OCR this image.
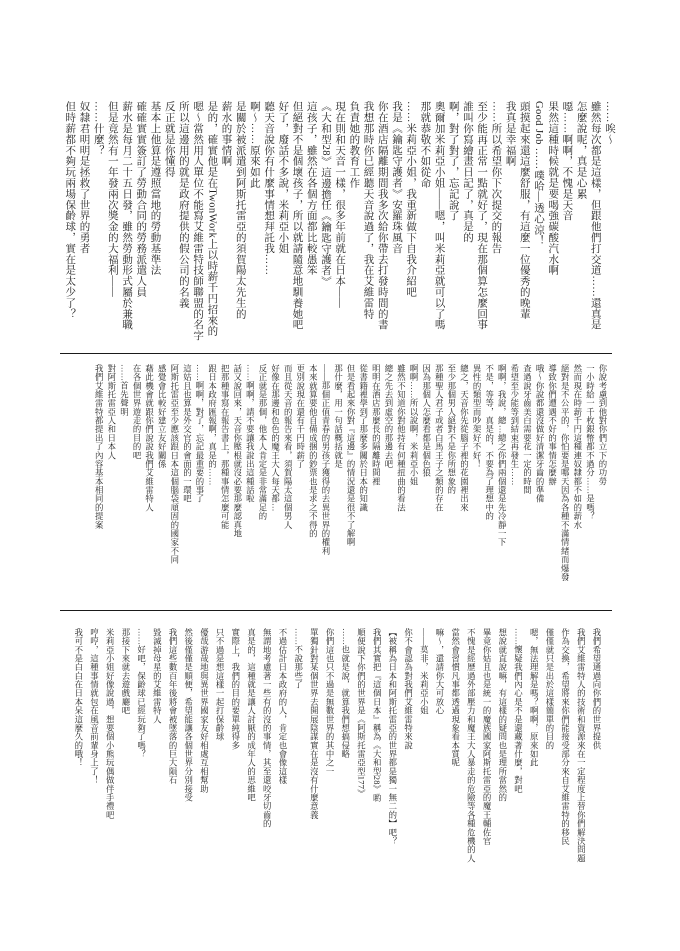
……唉～
雖然每次都是這樣，但跟他們打交道……還真是
怎麼說呢，真是心累
噁……啊啊，不愧是天音
果然這種時候就是要喝強碳酸汽水啊
Good Job ……噗哈—透心涼！
頭摸起來還這麼舒服，有這麼一位優秀的晚輩
我真是幸福啊
……所以希望你下次提交的報告
至少能再正常一點就好了，現在那個算怎麼回事
誰叫你寫繪畫日記了，真是的
啊，對了對了，忘記說了
奧爾加米莉亞小姐——嗯，叫米莉亞就可以了嗎
那就恭敬不如從命
……米莉亞小姐，我重新做下自我介紹吧
我是《鑰匙守護者》安羅珠風音
你在酒店隔離期間我多次給你帶去打發時間的書
我想那時你已經聽天音說過了，我在艾維雷特
負責她的教育工作
現在則和天音一樣，很多年前就在日本——
《大和型28》這邊擔任《鑰匙守護者》
這孩子，雖然在各個方面都比較愚笨
但絕對不是個壞孩子，所以就請隨意地馴養她吧
好了，廢話不多說，米莉亞小姐
聽天音說你有什麼事情想拜託我……
啊～……原來如此
是關於被派遣到阿斯托雷亞的須賀陽太先生的
薪水的事情啊
是的，確實他是在TwonWork上以時薪千円招來的
嗯～當然用人單位不能寫艾維雷特技師聯盟的名字
所以這邊用的就是政府提供的假公司的名義
反正就是你懂得
基本上他算是遵照當地的勞動基準法
確確實實簽訂了勞動合同的勞務派遣人員
薪水是每月二十五日發，雖然勞動形式屬於兼職
但是竟然有一年發兩次獎金的大福利——
……什麼？
奴隸君明明是拯救了世界的勇者
但時薪都不夠玩兩場保齡球，實在是太少了？
你說考慮到他對你們立下的功勞
一小時給一千枚銀幣都不過分……是嗎？
然而現在時薪千円這種連奴隸都不如的薪水
絕對是不公平的，你怕要是哪天因為各種不滿情緒而爆發
導致你們遭遇不好的事情怎麼辦
哦～你說都還沒做好清潔牙齒的準備
查過說牙齒美白需要花一定的時間
希望至少能等到結束再發生……
啊啊，我說，總…總之你們兩個還是先冷靜一下
不是，等等，真是的，不要為了理想中的
異性的類型而吵架好不好！
總之，天音你先從腦子裡的花園裡出來
至少那個男人絕對不是你所想象的
那種聖人君子或者白馬王子之類的存在
因為那個人怎麼看都是個色狼
啊啊……所以說啊，米莉亞小姐
雖然不知道你對他持有何種扭曲的看法
總之先去到虛空的那邊去吧
明明在酒店那麼長的隔離時間裡
從書籍裡學到了那麼多關於日本的知識
但是看起來你對『這邊』的情況還是很不了解啊
那什麼，用一句話概括就是
——那個正值青春的男孩子獲得的去異世界的權利
本來就算要他自備成捆的鈔票也是求之不得的
更別說現在還有千円時薪了
而且從天音的報告來看，須賀陽太這個男人
好像在那邊和色色的魔王大人每天都…
反正就是那個，他本人肯定是非常滿足的
……啊啊，請不要讓我說出這種話啦
話又說回來，天音你壓根就沒必要那麼認真地
把那種事寫在報告書上，那種事情怎麼可能
跟日本政府匯報啊，真是的……
……啊啊，對了，忘記最重要的事了
這姑且也算是外交官的會面的一環吧
阿斯托雷亞至少應該跟日本這個腦袋頑固的國家不同
感覺會比較好建立友好關係
藉此機會就跟你們說說我們艾維雷特人
在各個世界遊走的目的吧
……首先聲明
對阿斯托雷亞人和日本人
我們艾維雷特都提出了內容基本相同的提案
我們希望通過向你們的世界提供
我們艾維雷特人的技術和資源來在一定程度上替你們解決問題
作為交換，希望將來你們能接受部分來自艾維雷特的移民
僅僅就只是出於這樣簡單的目的
嗯，無法理解是嗎？啊啊，原來如此
……懷疑我們內心是不是還藏著什麼，對吧
想說就直說嘛，有這樣的疑問也是理所當然的
畢竟你姑且也是統一的魔族國家阿斯托雷亞的魔王輔佐官
不愧是經歷過外部壓力和魔王大人暴走的危險等各種危機的人
當然會習慣凡事都透過現象看本質呢
嘛～，還請你大可放心
——莫非，米莉亞小姐
你不會認為對我們艾維雷特來說
【被稱為日本和阿斯托雷亞的世界都是獨一無二的】吧？
我們其實把『這個日本』稱為《大和型28》喲
順便說下你們的世界是《阿斯托雷亞型177》
……也就是說，就算我們想搞侵略
你們這也只不過是無數世界的其中之一
單獨針對某個世界去開展陰謀實在是沒有什麼意義
……不說那些了
不過估計日本政府的人，肯定也會像這樣
無謂地考慮著一些有的沒的事情，其至還咬牙切齒的
真是的，這種就是讓人討厭的成年人的思維吧
實際上，我們的目的要單純得多
只不過是想這樣一起打保齡球
優哉游哉地與異世界國家友好相處互相幫助
然後僅僅是順便，希望能讓各個世界分別接受
我們這些數百年後將會被墜落的巨大隕石
毀滅掉母星的艾維雷特人
……好吧，保齡球已經玩夠了嗎？
那接下來就去遊戲廳吧
米莉亞小姐好像說過，想要個小熊玩偶做伴手禮吧
哼哼，這種事情就包在風音前輩身上了！
我可不是白白在日本呆這麼久的哦！
